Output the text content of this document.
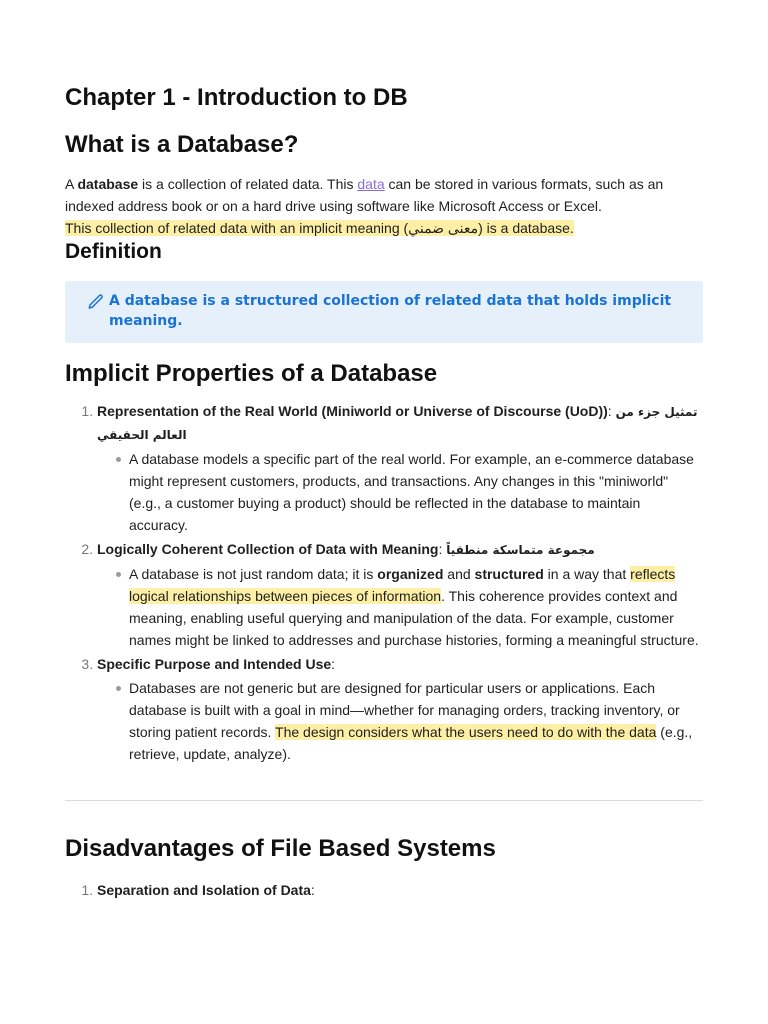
Chapter 1 - Introduction to DB
What is a Database?

A database is a collection of related data. This data can be stored in various formats, such as an indexed address book or on a hard drive using software like Microsoft Access or Excel.
This collection of related data with an implicit meaning (معنى ضمني) is a database.

Definition
A database is a structured collection of related data that holds implicit meaning.
Implicit Properties of a Database
1. Representation of the Real World (Miniworld or Universe of Discourse (UoD)): تمثيل جزء من العالم الحقيقي
A database models a specific part of the real world. For example, an e-commerce database might represent customers, products, and transactions. Any changes in this "miniworld" (e.g., a customer buying a product) should be reflected in the database to maintain accuracy.
2. Logically Coherent Collection of Data with Meaning: مجموعة متماسكة منطقياً
A database is not just random data; it is organized and structured in a way that reflects logical relationships between pieces of information. This coherence provides context and meaning, enabling useful querying and manipulation of the data. For example, customer names might be linked to addresses and purchase histories, forming a meaningful structure.
3. Specific Purpose and Intended Use:
Databases are not generic but are designed for particular users or applications. Each database is built with a goal in mind—whether for managing orders, tracking inventory, or storing patient records. The design considers what the users need to do with the data (e.g., retrieve, update, analyze).
Disadvantages of File Based Systems
1. Separation and Isolation of Data:
